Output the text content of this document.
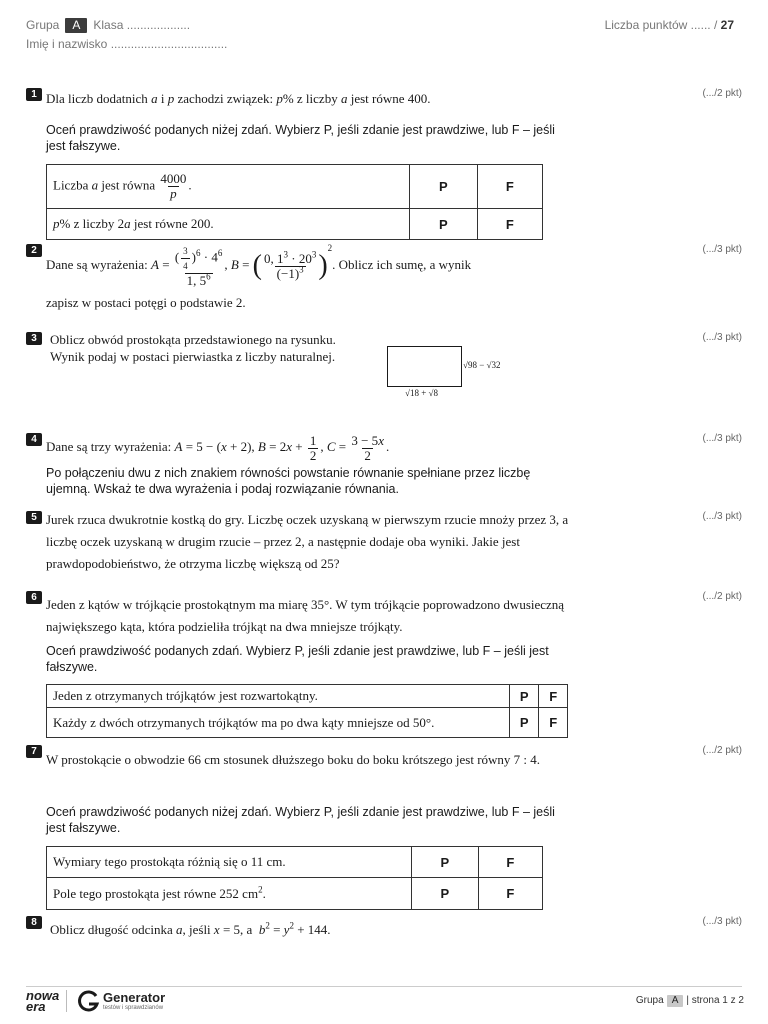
Grupa A Klasa ...................
Imię i nazwisko ...................................
Liczba punktów ...... / 27
1	(.../2 pkt)
Dla liczb dodatnich a i p zachodzi związek: p% z liczby a jest równe 400.
Oceń prawdziwość podanych niżej zdań. Wybierz P, jeśli zdanie jest prawdziwe, lub F – jeśli jest fałszywe.
Liczba a jest równa $\frac{4000}{p}$ .	P	F
p% z liczby 2a jest równe 200.	P	F
2	(.../3 pkt)
Dane są wyrażenia: $A = \frac{( \frac{3}{4} )^6 \cdot 4^6}{1, 5^6}$ , B = ( $\frac{0, 1^3 \cdot 20^3}{(-1)^3} )^2$. Oblicz ich sumę, a wynik
zapisz w postaci potęgi o podstawie 2.
3	(.../3 pkt)
Oblicz obwód prostokąta przedstawionego na rysunku. Wynik podaj w postaci pierwiastka z liczby naturalnej.
√98 − √32
√18 + √8
4	(.../3 pkt)
Dane są trzy wyrażenia: A = 5 − (x + 2), $B = 2x + \frac{1}{2}$ , $C = \frac{3 - 5x}{2}$ .
Po połączeniu dwu z nich znakiem równości powstanie równanie spełniane przez liczbę ujemną. Wskaż te dwa wyrażenia i podaj rozwiązanie równania.
5	(.../3 pkt)
Jurek rzuca dwukrotnie kostką do gry. Liczbę oczek uzyskaną w pierwszym rzucie mnoży przez 3, a liczbę oczek uzyskaną w drugim rzucie – przez 2, a następnie dodaje oba wyniki. Jakie jest prawdopodobieństwo, że otrzyma liczbę większą od 25?
6	(.../2 pkt)
Jeden z kątów w trójkącie prostokątnym ma miarę 35°. W tym trójkącie poprowadzono dwusieczną największego kąta, która podzieliła trójkąt na dwa mniejsze trójkąty.
Oceń prawdziwość podanych zdań. Wybierz P, jeśli zdanie jest prawdziwe, lub F – jeśli jest fałszywe.
Jeden z otrzymanych trójkątów jest rozwartokątny.	P	F
Każdy z dwóch otrzymanych trójkątów ma po dwa kąty mniejsze od 50°.	P	F
7	(.../2 pkt)
W prostokącie o obwodzie 66 cm stosunek dłuższego boku do boku krótszego jest równy 7 : 4.
Oceń prawdziwość podanych niżej zdań. Wybierz P, jeśli zdanie jest prawdziwe, lub F – jeśli jest fałszywe.
Wymiary tego prostokąta różnią się o 11 cm.	P	F
Pole tego prostokąta jest równe 252 $cm^2$.	P	F
8	(.../3 pkt)
Oblicz długość odcinka a, jeśli x = 5, a  $b^2 = y^2 + 144$.
nowa era
Generator
testów i sprawdzianów
Grupa A | strona 1 z 2
